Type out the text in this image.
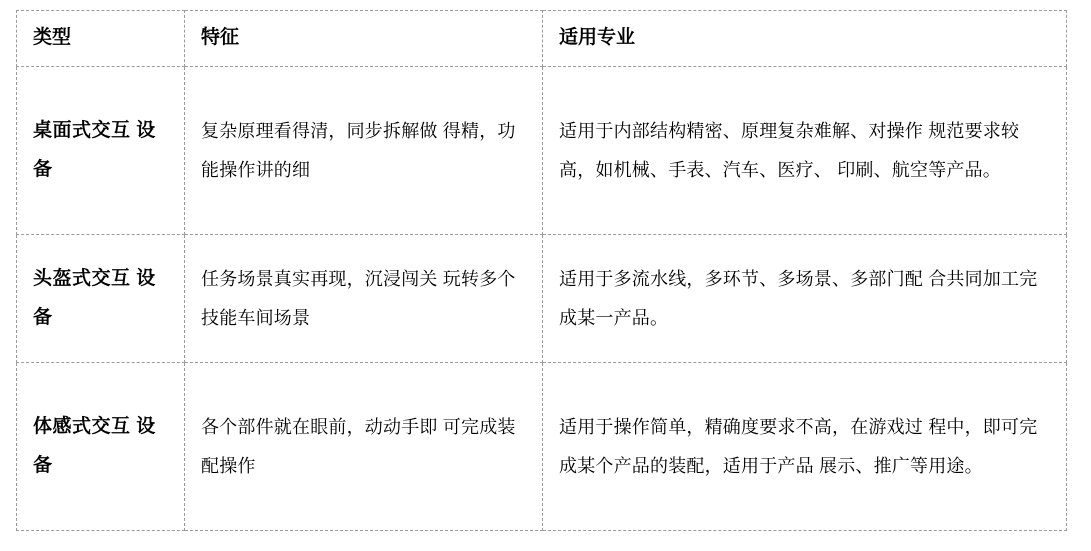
类型	特征	适用专业
桌面式交互 设备	复杂原理看得清，同步拆解做 得精，功能操作讲的细	适用于内部结构精密、原理复杂难解、对操作 规范要求较高，如机械、手表、汽车、医疗、 印刷、航空等产品。
头盔式交互 设备	任务场景真实再现，沉浸闯关 玩转多个技能车间场景	适用于多流水线，多环节、多场景、多部门配 合共同加工完成某一产品。
体感式交互 设备	各个部件就在眼前，动动手即 可完成装配操作	适用于操作简单，精确度要求不高，在游戏过 程中，即可完成某个产品的装配，适用于产品 展示、推广等用途。
